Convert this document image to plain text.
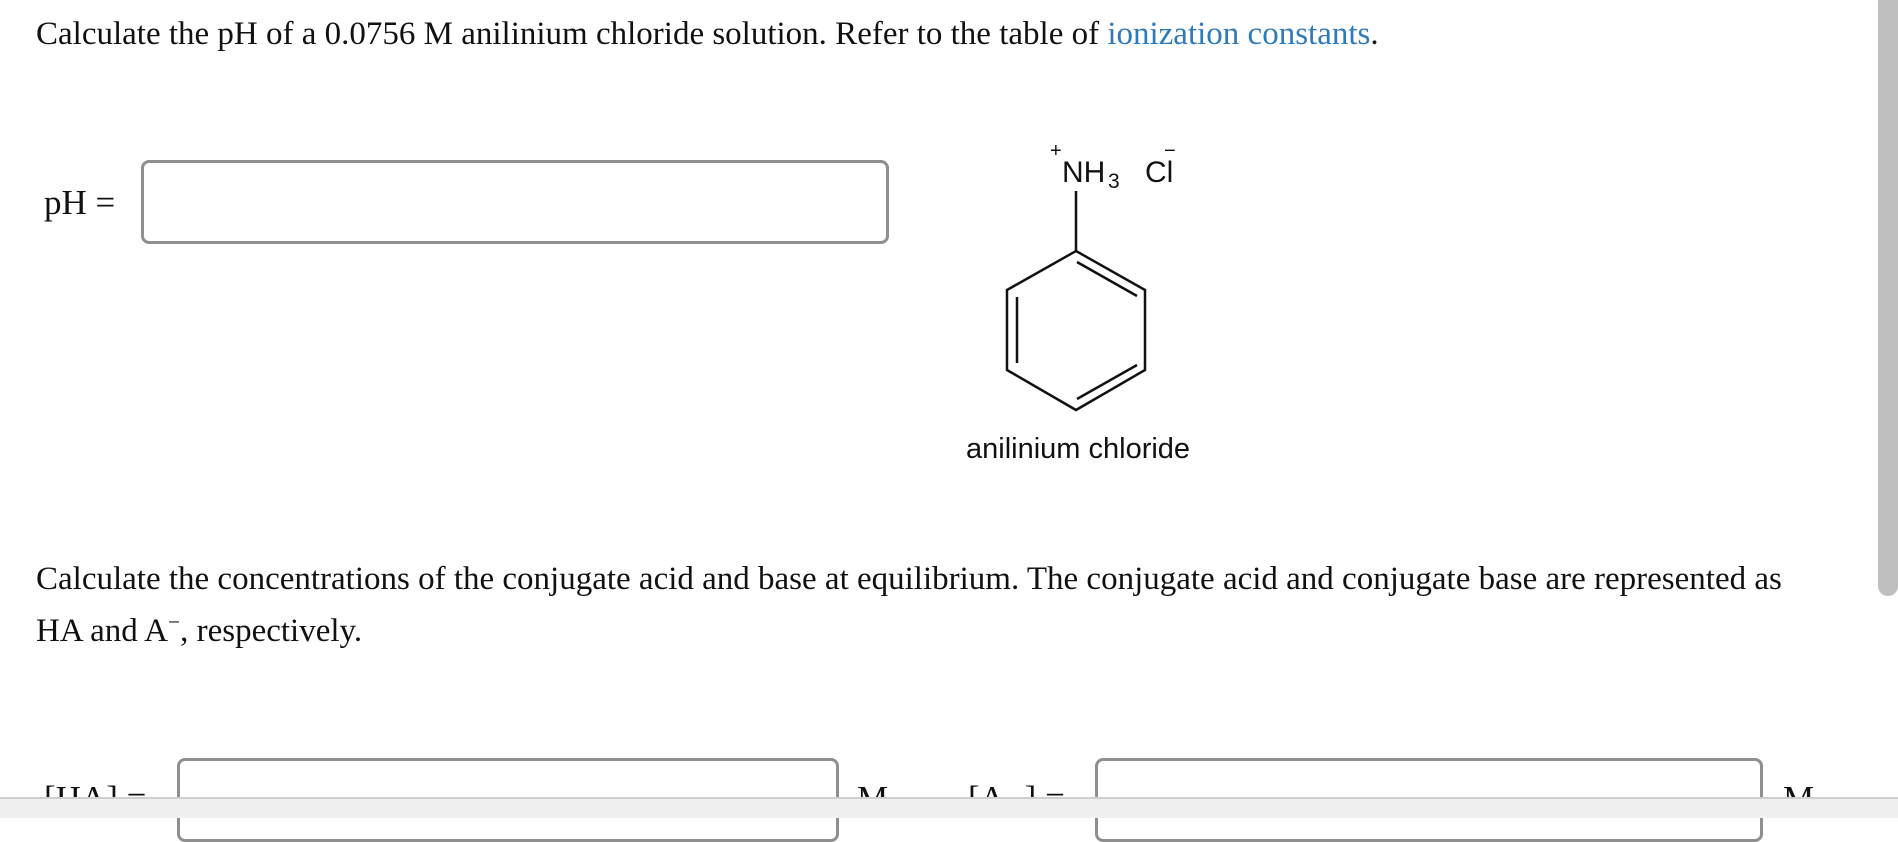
Calculate the pH of a 0.0756 M anilinium chloride solution. Refer to the table of ionization constants.
pH =
+
NH 3 Cl
−
anilinium chloride
Calculate the concentrations of the conjugate acid and base at equilibrium. The conjugate acid and conjugate base are represented as HA and A−, respectively.
